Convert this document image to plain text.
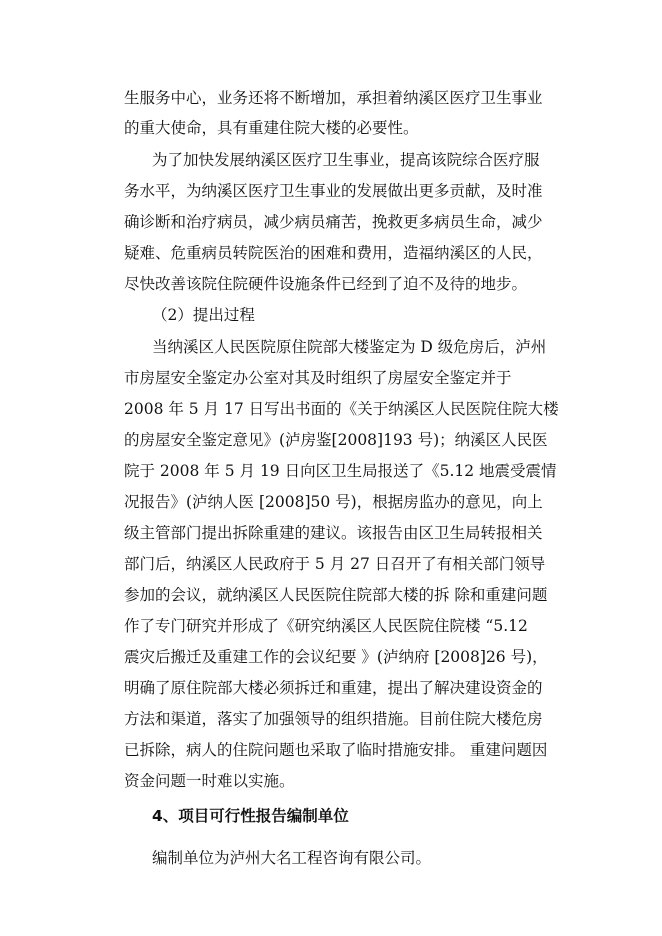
生服务中心，业务还将不断增加，承担着纳溪区医疗卫生事业
的重大使命，具有重建住院大楼的必要性。
为了加快发展纳溪区医疗卫生事业，提高该院综合医疗服
务水平，为纳溪区医疗卫生事业的发展做出更多贡献，及时准
确诊断和治疗病员，减少病员痛苦，挽救更多病员生命，减少
疑难、危重病员转院医治的困难和费用，造福纳溪区的人民，
尽快改善该院住院硬件设施条件已经到了迫不及待的地步。
（2）提出过程
当纳溪区人民医院原住院部大楼鉴定为 D 级危房后，泸州
市房屋安全鉴定办公室对其及时组织了房屋安全鉴定并于
2008 年 5 月 17 日写出书面的《关于纳溪区人民医院住院大楼
的房屋安全鉴定意见》(泸房鉴[2008]193 号)；纳溪区人民医
院于 2008 年 5 月 19 日向区卫生局报送了《5.12 地震受震情
况报告》(泸纳人医 [2008]50 号)，根据房监办的意见，向上
级主管部门提出拆除重建的建议。该报告由区卫生局转报相关
部门后，纳溪区人民政府于 5 月 27 日召开了有相关部门领导
参加的会议，就纳溪区人民医院住院部大楼的拆 除和重建问题
作了专门研究并形成了《研究纳溪区人民医院住院楼 “5.12
震灾后搬迁及重建工作的会议纪要 》(泸纳府 [2008]26 号)，
明确了原住院部大楼必须拆迁和重建，提出了解决建设资金的
方法和渠道，落实了加强领导的组织措施。目前住院大楼危房
已拆除，病人的住院问题也采取了临时措施安排。 重建问题因
资金问题一时难以实施。
4、项目可行性报告编制单位
编制单位为泸州大名工程咨询有限公司。
